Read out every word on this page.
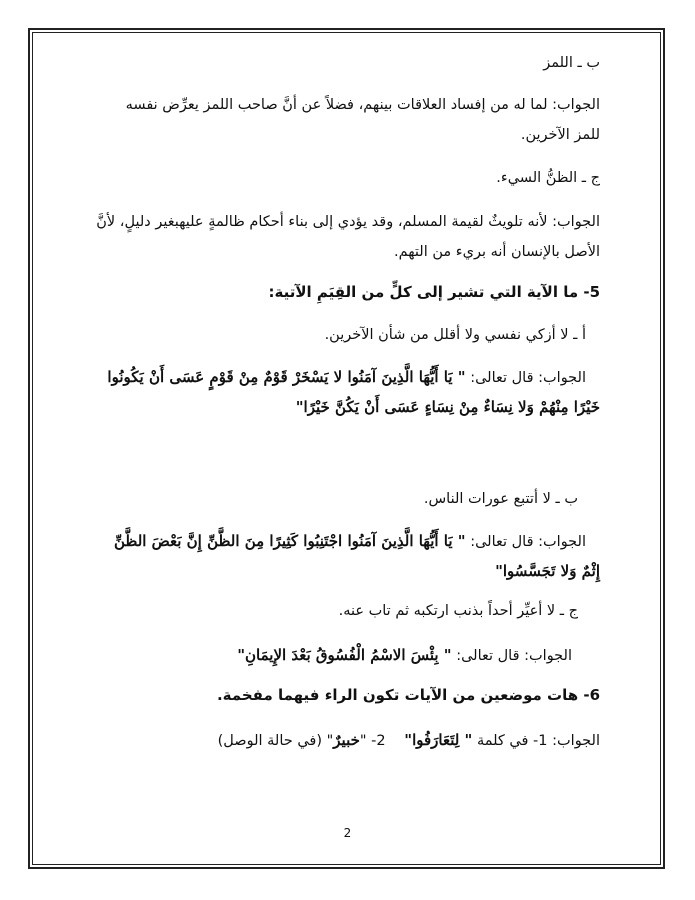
ب ـ اللمز
الجواب: لما له من إفساد العلاقات بينهم، فضلاً عن أنَّ صاحب اللمز يعرِّض نفسه
للمز الآخرين.
ج ـ الظنُّ السيء.
الجواب: لأنه تلويثٌ لقيمة المسلم، وقد يؤدي إلى بناء أحكام ظالمةٍ عليهبغير دليلٍ، لأنَّ
الأصل بالإنسان أنه بريء من التهم.
5- ما الآية التي تشير إلى كلٍّ من القِيَمِ الآتية:
أ ـ لا أزكي نفسي ولا أقلل من شأن الآخرين.
الجواب: قال تعالى: " يَا أَيُّهَا الَّذِينَ آمَنُوا لا يَسْخَرْ قَوْمٌ مِنْ قَوْمٍ عَسَى أَنْ يَكُونُوا
خَيْرًا مِنْهُمْ وَلا نِسَاءٌ مِنْ نِسَاءٍ عَسَى أَنْ يَكُنَّ خَيْرًا"
ب ـ لا أتتبع عورات الناس.
الجواب: قال تعالى: " يَا أَيُّهَا الَّذِينَ آمَنُوا اجْتَنِبُوا كَثِيرًا مِنَ الظَّنِّ إِنَّ بَعْضَ الظَّنِّ
إِثْمٌ وَلا تَجَسَّسُوا"
ج ـ لا أعيِّر أحداً بذنب ارتكبه ثم تاب عنه.
الجواب: قال تعالى: " بِئْسَ الاسْمُ الْفُسُوقُ بَعْدَ الإِيمَانِ"
6- هات موضعين من الآيات تكون الراء فيهما مفخمة.
الجواب: 1- في كلمة " لِتَعَارَفُوا" 2- "خبيرٌ" (في حالة الوصل)
2
